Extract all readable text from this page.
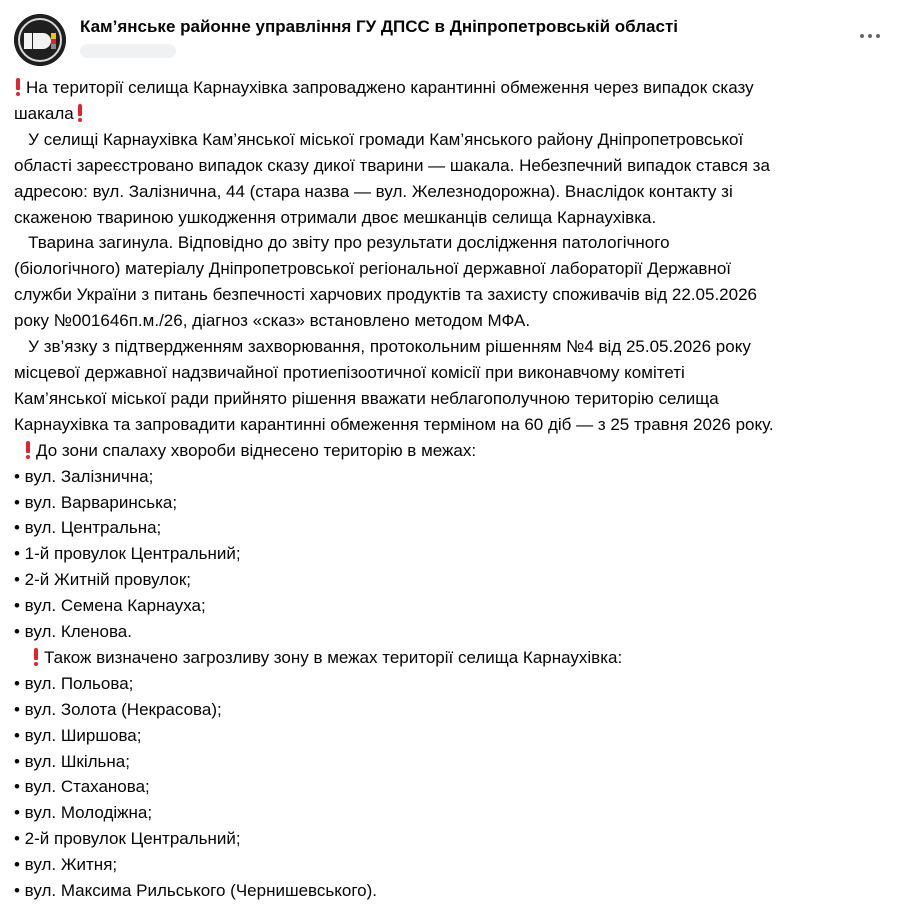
Кам’янське районне управління ГУ ДПСС в Дніпропетровській області
На території селища Карнаухівка запроваджено карантинні обмеження через випадок сказу
шакала
У селищі Карнаухівка Кам’янської міської громади Кам’янського району Дніпропетровської
області зареєстровано випадок сказу дикої тварини — шакала. Небезпечний випадок стався за
адресою: вул. Залізнична, 44 (стара назва — вул. Железнодорожна). Внаслідок контакту зі
скаженою твариною ушкодження отримали двоє мешканців селища Карнаухівка.
Тварина загинула. Відповідно до звіту про результати дослідження патологічного
(біологічного) матеріалу Дніпропетровської регіональної державної лабораторії Державної
служби України з питань безпечності харчових продуктів та захисту споживачів від 22.05.2026
року №001646п.м./26, діагноз «сказ» встановлено методом МФА.
У зв’язку з підтвердженням захворювання, протокольним рішенням №4 від 25.05.2026 року
місцевої державної надзвичайної протиепізоотичної комісії при виконавчому комітеті
Кам’янської міської ради прийнято рішення вважати неблагополучною територію селища
Карнаухівка та запровадити карантинні обмеження терміном на 60 діб — з 25 травня 2026 року.
До зони спалаху хвороби віднесено територію в межах:
• вул. Залізнична;
• вул. Варваринська;
• вул. Центральна;
• 1-й провулок Центральний;
• 2-й Житній провулок;
• вул. Семена Карнауха;
• вул. Кленова.
Також визначено загрозливу зону в межах території селища Карнаухівка:
• вул. Польова;
• вул. Золота (Некрасова);
• вул. Ширшова;
• вул. Шкільна;
• вул. Стаханова;
• вул. Молодіжна;
• 2-й провулок Центральний;
• вул. Житня;
• вул. Максима Рильського (Чернишевського).
